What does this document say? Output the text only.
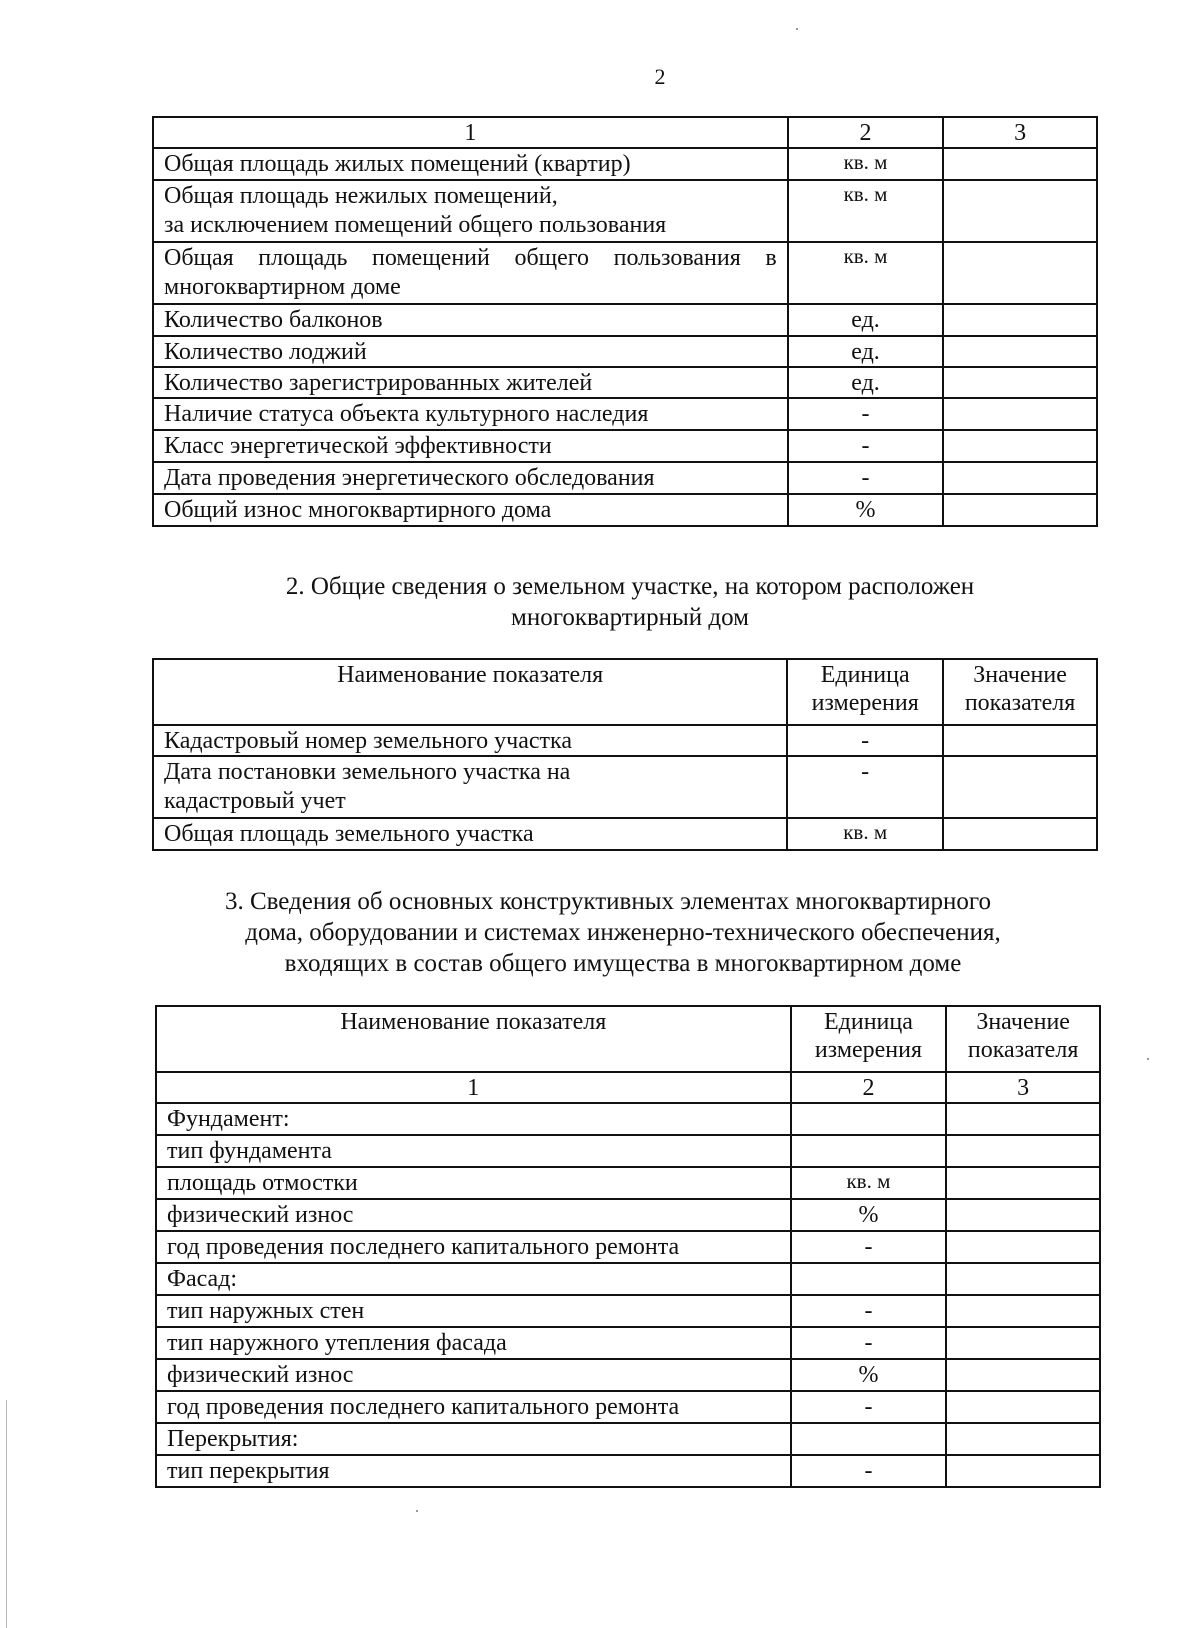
2
1	2	3
Общая площадь жилых помещений (квартир)	кв. м	
Общая площадь нежилых помещений,
за исключением помещений общего пользования	кв. м	
Общая площадь помещений общего пользования в многоквартирном доме	кв. м	
Количество балконов	ед.	
Количество лоджий	ед.	
Количество зарегистрированных жителей	ед.	
Наличие статуса объекта культурного наследия	-	
Класс энергетической эффективности	-	
Дата проведения энергетического обследования	-	
Общий износ многоквартирного дома	%	
2. Общие сведения о земельном участке, на котором расположен
многоквартирный дом
Наименование показателя	Единица измерения	Значение показателя
Кадастровый номер земельного участка	-	
Дата постановки земельного участка на кадастровый учет	-	
Общая площадь земельного участка	кв. м	
3. Сведения об основных конструктивных элементах многоквартирного
дома, оборудовании и системах инженерно-технического обеспечения,
входящих в состав общего имущества в многоквартирном доме
Наименование показателя	Единица измерения	Значение показателя
1	2	3
Фундамент:		
тип фундамента		
площадь отмостки	кв. м	
физический износ	%	
год проведения последнего капитального ремонта	-	
Фасад:		
тип наружных стен	-	
тип наружного утепления фасада	-	
физический износ	%	
год проведения последнего капитального ремонта	-	
Перекрытия:		
тип перекрытия	-	
